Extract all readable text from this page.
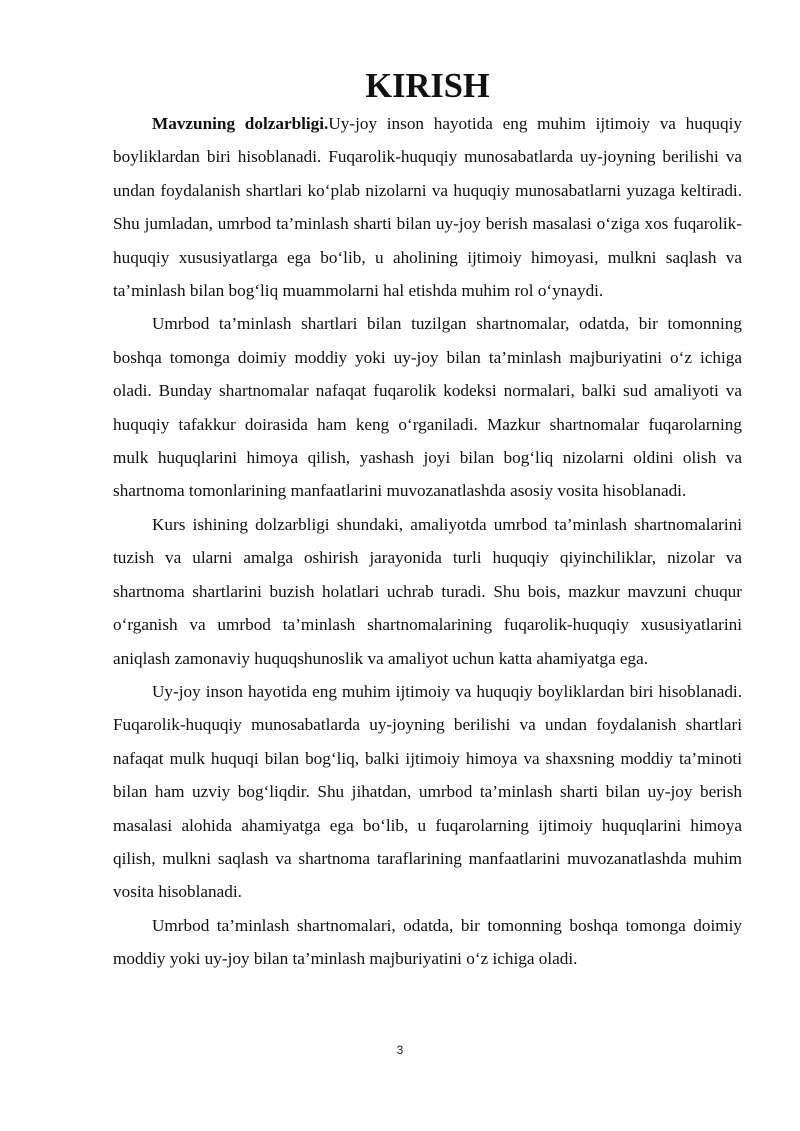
KIRISH

Mavzuning dolzarbligi.Uy-joy inson hayotida eng muhim ijtimoiy va huquqiy boyliklardan biri hisoblanadi. Fuqarolik-huquqiy munosabatlarda uy-joyning berilishi va undan foydalanish shartlari ko‘plab nizolarni va huquqiy munosabatlarni yuzaga keltiradi. Shu jumladan, umrbod ta’minlash sharti bilan uy-joy berish masalasi o‘ziga xos fuqarolik-huquqiy xususiyatlarga ega bo‘lib, u aholining ijtimoiy himoyasi, mulkni saqlash va ta’minlash bilan bog‘liq muammolarni hal etishda muhim rol o‘ynaydi.

Umrbod ta’minlash shartlari bilan tuzilgan shartnomalar, odatda, bir tomonning boshqa tomonga doimiy moddiy yoki uy-joy bilan ta’minlash majburiyatini o‘z ichiga oladi. Bunday shartnomalar nafaqat fuqarolik kodeksi normalari, balki sud amaliyoti va huquqiy tafakkur doirasida ham keng o‘rganiladi. Mazkur shartnomalar fuqarolarning mulk huquqlarini himoya qilish, yashash joyi bilan bog‘liq nizolarni oldini olish va shartnoma tomonlarining manfaatlarini muvozanatlashda asosiy vosita hisoblanadi.

Kurs ishining dolzarbligi shundaki, amaliyotda umrbod ta’minlash shartnomalarini tuzish va ularni amalga oshirish jarayonida turli huquqiy qiyinchiliklar, nizolar va shartnoma shartlarini buzish holatlari uchrab turadi. Shu bois, mazkur mavzuni chuqur o‘rganish va umrbod ta’minlash shartnomalarining fuqarolik-huquqiy xususiyatlarini aniqlash zamonaviy huquqshunoslik va amaliyot uchun katta ahamiyatga ega.

Uy-joy inson hayotida eng muhim ijtimoiy va huquqiy boyliklardan biri hisoblanadi. Fuqarolik-huquqiy munosabatlarda uy-joyning berilishi va undan foydalanish shartlari nafaqat mulk huquqi bilan bog‘liq, balki ijtimoiy himoya va shaxsning moddiy ta’minoti bilan ham uzviy bog‘liqdir. Shu jihatdan, umrbod ta’minlash sharti bilan uy-joy berish masalasi alohida ahamiyatga ega bo‘lib, u fuqarolarning ijtimoiy huquqlarini himoya qilish, mulkni saqlash va shartnoma taraflarining manfaatlarini muvozanatlashda muhim vosita hisoblanadi.

Umrbod ta’minlash shartnomalari, odatda, bir tomonning boshqa tomonga doimiy moddiy yoki uy-joy bilan ta’minlash majburiyatini o‘z ichiga oladi.

3
